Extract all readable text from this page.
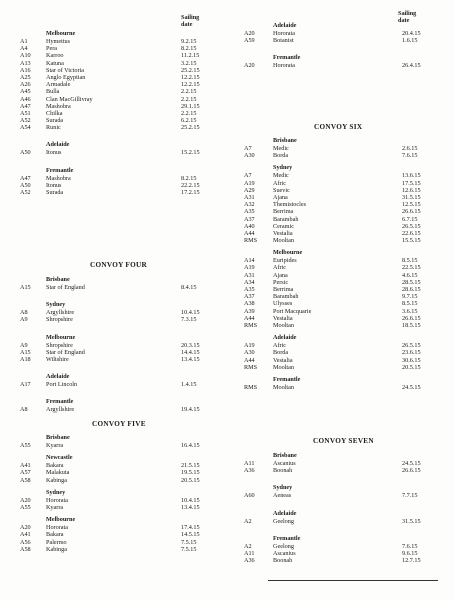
Sailing
date
Melbourne
A1	Hymettus	9.2.15
A4	Pera	8.2.15
A10	Karroo	11.2.15
A13	Katuna	3.2.15
A16	Star of Victoria	25.2.15
A25	Anglo Egyptian	12.2.15
A26	Armadale	12.2.15
A45	Bulla	2.2.15
A46	Clan MacGillivray	2.2.15
A47	Mashobra	29.1.15
A51	Chilka	2.2.15
A52	Surada	6.2.15
A54	Runic	25.2.15
Adelaide
A50	Itonus	15.2.15
Fremantle
A47	Mashobra	8.2.15
A50	Itonus	22.2.15
A52	Surada	17.2.15
CONVOY FOUR
Brisbane
A15	Star of England	8.4.15
Sydney
A8	Argyllshire	10.4.15
A9	Shropshire	7.3.15
Melbourne
A9	Shropshire	20.3.15
A15	Star of England	14.4.15
A18	Wiltshire	13.4.15
Adelaide
A17	Port Lincoln	1.4.15
Fremantle
A8	Argyllshire	19.4.15
CONVOY FIVE
Brisbane
A55	Kyarra	16.4.15
Newcastle
A41	Bakara	21.5.15
A57	Malakuta	19.5.15
A58	Kabinga	20.5.15
Sydney
A20	Hororata	10.4.15
A55	Kyarra	13.4.15
Melbourne
A20	Hororata	17.4.15
A41	Bakara	14.5.15
A56	Palermo	7.5.15
A58	Kabinga	7.5.15
Sailing
date
Adelaide
A20	Hororata	20.4.15
A59	Botanist	1.6.15
Fremantle
A20	Hororata	26.4.15
CONVOY SIX
Brisbane
A7	Medic	2.6.15
A30	Borda	7.6.15
Sydney
A7	Medic	13.6.15
A19	Afric	17.5.15
A29	Suevic	12.6.15
A31	Ajana	31.5.15
A32	Themistocles	12.5.15
A35	Berrima	26.6.15
A37	Barambah	6.7.15
A40	Ceramic	26.5.15
A44	Vestalia	22.6.15
RMS	Mooltan	15.5.15
Melbourne
A14	Euripides	8.5.15
A19	Afric	22.5.15
A31	Ajana	4.6.15
A34	Persic	28.5.15
A35	Berrima	28.6.15
A37	Barambah	9.7.15
A38	Ulysses	8.5.15
A39	Port Macquarie	3.6.15
A44	Vestalia	26.6.15
RMS	Mooltan	18.5.15
Adelaide
A19	Afric	26.5.15
A30	Borda	23.6.15
A44	Vestalia	30.6.15
RMS	Mooltan	20.5.15
Fremantle
RMS	Mooltan	24.5.15
CONVOY SEVEN
Brisbane
A11	Ascanius	24.5.15
A36	Boonah	26.6.15
Sydney
A60	Aeneas	7.7.15
Adelaide
A2	Geelong	31.5.15
Fremantle
A2	Geelong	7.6.15
A11	Ascanius	9.6.15
A36	Boonah	12.7.15
